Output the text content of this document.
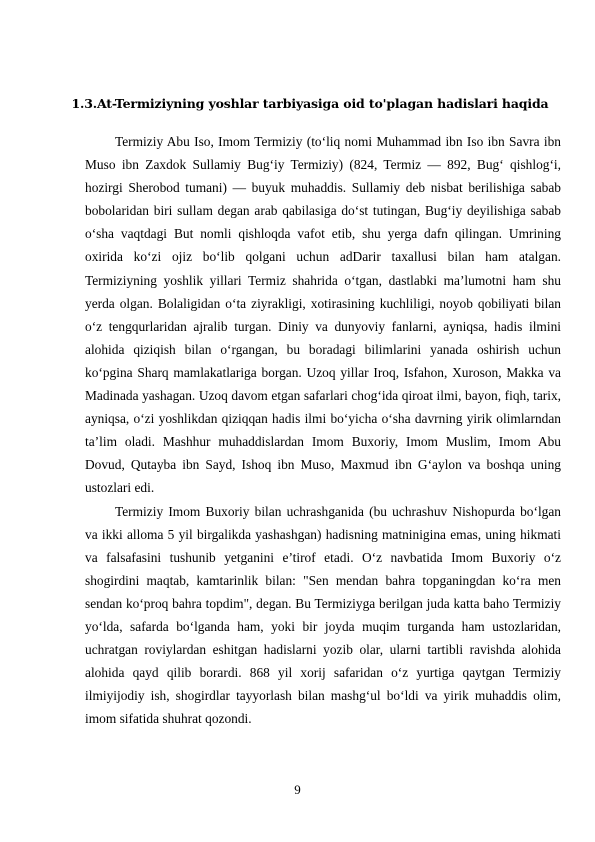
1.3.At-Termiziyning yoshlar tarbiyasiga oid to'plagan hadislari haqida

Termiziy Abu Iso, Imom Termiziy (to‘liq nomi Muhammad ibn Iso ibn Savra ibn Muso ibn Zaxdok Sullamiy Bug‘iy Termiziy) (824, Termiz — 892, Bug‘ qishlog‘i, hozirgi Sherobod tumani) — buyuk muhaddis. Sullamiy deb nisbat berilishiga sabab bobolaridan biri sullam degan arab qabilasiga do‘st tutingan, Bug‘iy deyilishiga sabab o‘sha vaqtdagi But nomli qishloqda vafot etib, shu yerga dafn qilingan. Umrining oxirida ko‘zi ojiz bo‘lib qolgani uchun adDarir taxallusi bilan ham atalgan. Termiziyning yoshlik yillari Termiz shahrida o‘tgan, dastlabki ma’lumotni ham shu yerda olgan. Bolaligidan o‘ta ziyrakligi, xotirasining kuchliligi, noyob qobiliyati bilan o‘z tengqurlaridan ajralib turgan. Diniy va dunyoviy fanlarni, ayniqsa, hadis ilmini alohida qiziqish bilan o‘rgangan, bu boradagi bilimlarini yanada oshirish uchun ko‘pgina Sharq mamlakatlariga borgan. Uzoq yillar Iroq, Isfahon, Xuroson, Makka va Madinada yashagan. Uzoq davom etgan safarlari chog‘ida qiroat ilmi, bayon, fiqh, tarix, ayniqsa, o‘zi yoshlikdan qiziqqan hadis ilmi bo‘yicha o‘sha davrning yirik olimlarndan ta’lim oladi. Mashhur muhaddislardan Imom Buxoriy, Imom Muslim, Imom Abu Dovud, Qutayba ibn Sayd, Ishoq ibn Muso, Maxmud ibn G‘aylon va boshqa uning ustozlari edi.

Termiziy Imom Buxoriy bilan uchrashganida (bu uchrashuv Nishopurda bo‘lgan va ikki alloma 5 yil birgalikda yashashgan) hadisning matninigina emas, uning hikmati va falsafasini tushunib yetganini e’tirof etadi. O‘z navbatida Imom Buxoriy o‘z shogirdini maqtab, kamtarinlik bilan: "Sen mendan bahra topganingdan ko‘ra men sendan ko‘proq bahra topdim", degan. Bu Termiziyga berilgan juda katta baho Termiziy yo‘lda, safarda bo‘lganda ham, yoki bir joyda muqim turganda ham ustozlaridan, uchratgan roviylardan eshitgan hadislarni yozib olar, ularni tartibli ravishda alohida alohida qayd qilib borardi. 868 yil xorij safaridan o‘z yurtiga qaytgan Termiziy ilmiyijodiy ish, shogirdlar tayyorlash bilan mashg‘ul bo‘ldi va yirik muhaddis olim, imom sifatida shuhrat qozondi.

9
